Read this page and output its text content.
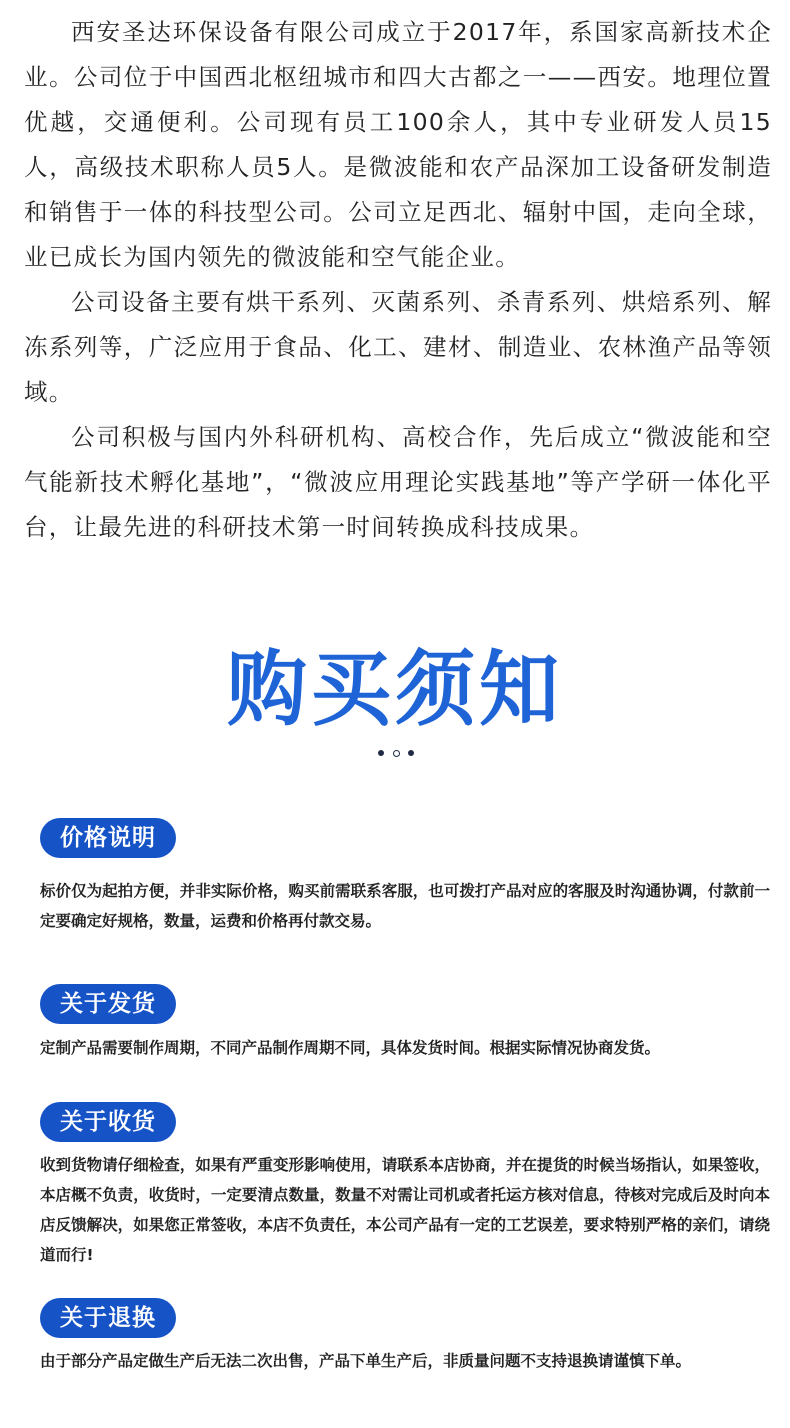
西安圣达环保设备有限公司成立于2017年，系国家高新技术企业。公司位于中国西北枢纽城市和四大古都之一——西安。地理位置优越，交通便利。公司现有员工100余人，其中专业研发人员15人，高级技术职称人员5人。是微波能和农产品深加工设备研发制造和销售于一体的科技型公司。公司立足西北、辐射中国，走向全球，业已成长为国内领先的微波能和空气能企业。

公司设备主要有烘干系列、灭菌系列、杀青系列、烘焙系列、解冻系列等，广泛应用于食品、化工、建材、制造业、农林渔产品等领域。

公司积极与国内外科研机构、高校合作，先后成立“微波能和空气能新技术孵化基地”，“微波应用理论实践基地”等产学研一体化平台，让最先进的科研技术第一时间转换成科技成果。

购买须知
价格说明

标价仅为起拍方便，并非实际价格，购买前需联系客服，也可拨打产品对应的客服及时沟通协调，付款前一定要确定好规格，数量，运费和价格再付款交易。

关于发货

定制产品需要制作周期，不同产品制作周期不同，具体发货时间。根据实际情况协商发货。

关于收货

收到货物请仔细检查，如果有严重变形影响使用，请联系本店协商，并在提货的时候当场指认，如果签收，本店概不负责，收货时，一定要清点数量，数量不对需让司机或者托运方核对信息，待核对完成后及时向本店反馈解决，如果您正常签收，本店不负责任，本公司产品有一定的工艺误差，要求特别严格的亲们，请绕道而行!

关于退换

由于部分产品定做生产后无法二次出售，产品下单生产后，非质量问题不支持退换请谨慎下单。
